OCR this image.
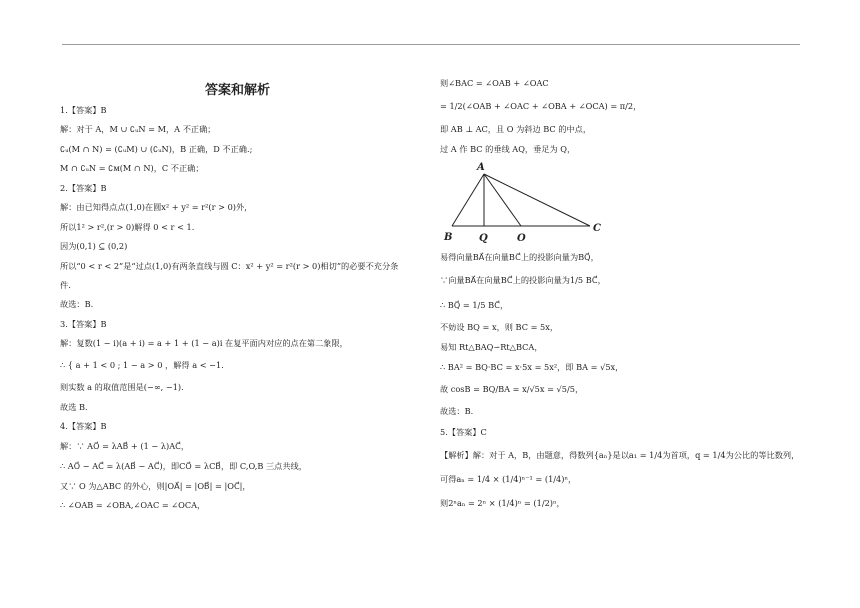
答案和解析
1.【答案】B
解：对于 A，M ∪ ∁ᵤN = M，A 不正确；
∁ᵤ(M ∩ N) = (∁ᵤM) ∪ (∁ᵤN)，B 正确，D 不正确.;
M ∩ ∁ᵤN = ∁ᴍ(M ∩ N)，C 不正确；
2.【答案】B
解：由已知得点点(1,0)在圆x² + y² = r²(r > 0)外，
所以1² > r²,(r > 0)解得 0 < r < 1.
因为(0,1) ⊆ (0,2)
所以“0 < r < 2”是“过点(1,0)有两条直线与圆 C：x² + y² = r²(r > 0)相切”的必要不充分条
件.
故选：B.
3.【答案】B
解：复数(1 − i)(a + i) = a + 1 + (1 − a)i 在复平面内对应的点在第二象限，
∴ { a + 1 < 0 ; 1 − a > 0 ，解得 a < −1.
则实数 a 的取值范围是(−∞, −1).
故选 B.
4.【答案】B
解：∵ AO⃗ = λAB⃗ + (1 − λ)AC⃗，
∴ AO⃗ − AC⃗ = λ(AB⃗ − AC⃗)，即CO⃗ = λCB⃗，即 C,O,B 三点共线，
又∵ O 为△ABC 的外心，则|OA⃗| = |OB⃗| = |OC⃗|，
∴ ∠OAB = ∠OBA,∠OAC = ∠OCA，
则∠BAC = ∠OAB + ∠OAC
= 1/2(∠OAB + ∠OAC + ∠OBA + ∠OCA) = π/2，
即 AB ⊥ AC，且 O 为斜边 BC 的中点，
过 A 作 BC 的垂线 AQ，垂足为 Q，
A
B	Q	O
C
易得向量BA⃗在向量BC⃗上的投影向量为BQ⃗，
∵向量BA⃗在向量BC⃗上的投影向量为1/5 BC⃗，
∴ BQ⃗ = 1/5 BC⃗，
不妨设 BQ = x，则 BC = 5x，
易知 Rt△BAQ∽Rt△BCA，
∴ BA² = BQ·BC = x·5x = 5x²，即 BA = √5x，
故 cosB = BQ/BA = x/√5x = √5/5，
故选：B.
5.【答案】C
【解析】解：对于 A，B，由题意，得数列{aₙ}是以a₁ = 1/4为首项，q = 1/4为公比的等比数列，
可得aₙ = 1/4 × (1/4)ⁿ⁻¹ = (1/4)ⁿ，
则2ⁿaₙ = 2ⁿ × (1/4)ⁿ = (1/2)ⁿ，
